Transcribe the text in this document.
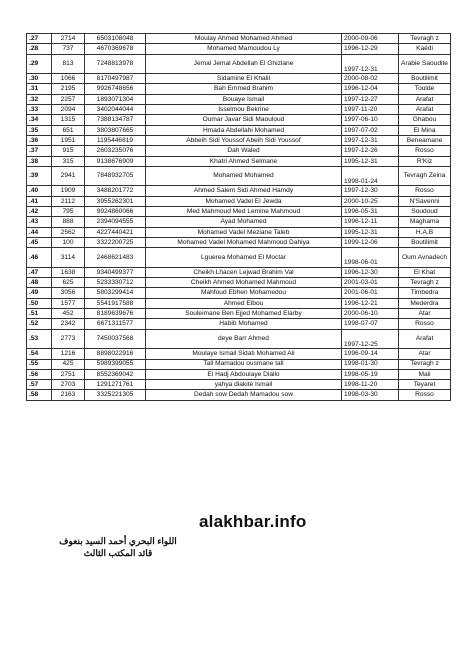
.27	2714	6503108048	Moulay Ahmed Mohamed Ahmed	2000-09-06	Tevragh z
.28	737	4670369678	Mohamed Mamoudou Ly	1996-12-29	Kaédi
.29	813	7248813978	Jemal Jemal Abdellah El Ghizlane	1997-12-31	Arabie Saoudite
.30	1066	8170497987	Sidamine El Khalil	2000-08-02	Boutilimit
.31	2195	9926748656	Bah Emmed Brahim	1996-12-04	Toulde
.32	2257	1893071304	Bouaye Ismail	1997-12-27	Arafat
.33	2094	3402044044	Isselmou Bekrine	1997-11-20	Arafat
.34	1315	7388134787	Oumar Javar Sidi Maouloud	1997-06-10	Ghabou
.35	651	3803807665	Hmada Abdellahi Mohamed	1997-07-02	El Mina
.36	1951	1195446819	Abbeih Sidi Youssof Abeih Sidi Youssof	1997-12-31	Beneamane
.37	915	2603235076	Dah Waled	1997-12-26	Rosso
.38	315	9138676909	Khatri Ahmed Selmane	1995-12-31	R'Kiz
.39	2941	7848932705	Mohamed Mohamed	1998-01-24	Tevragh Zeina
.40	1909	3488201772	Ahmed Salem Sidi Ahmed Hamdy	1997-12-30	Rosso
.41	2112	3955262301	Mohamed Vadel El Jewda	2000-10-25	N'Savenni
.42	795	9924860066	Med Mahmoud Med Lemine Mahmoud	1996-05-31	Soudoud
.43	888	2394094555	Ayad Mohamed	1996-12-11	Maghama
.44	2562	4227440421	Mohamed Vadel Meziane Taleb	1995-12-31	H.A.B
.45	100	3322200725	Mohamed Vadel Mohamed Mahmoud Dahiya	1999-12-06	Boutilimit
.46	3114	2468621483	Lguerea Mohamed El Moctar	1998-06-01	Oum Avnadech
.47	1638	9340499377	Cheikh Lhacen Lejwad Brahim Val	1996-12-30	El Khat
.48	625	5233330712	Cheikh Ahmed Mohamed Mahmoud	2001-03-01	Tevragh z
.49	3056	5803299414	Mahfoud Ebhen Mohamedou	2001-06-01	Timbedra
.50	1577	5541917588	Ahmed Elbou	1996-12-21	Mederdra
.51	452	8189639676	Souleimane Ben Ejjed Mohamed Elarby	2000-06-10	Atar
.52	2342	6671311577	Habib Mohamed	1998-07-07	Rosso
.53	2773	7450037568	deye Barr Ahmed	1997-12-25	Arafat
.54	1216	8898022916	Moulaye Ismail Sidati Mohamed Ali	1996-09-14	Atar
.55	425	5989399055	Tall Mamadou ousmane tall	1998-01-30	Tevragh z
.56	2751	8552369042	El Hadj Abdoulaye Diallo	1998-05-19	Mali
.57	2703	1291271761	yahya diakité Ismail	1998-11-20	Teyaret
.58	2163	3325221305	Dedah sow Dedah Mamadou sow	1998-03-30	Rosso
alakhbar.info
اللواء البحري أحمد السيد بنعوف
قائد المكتب الثالث
